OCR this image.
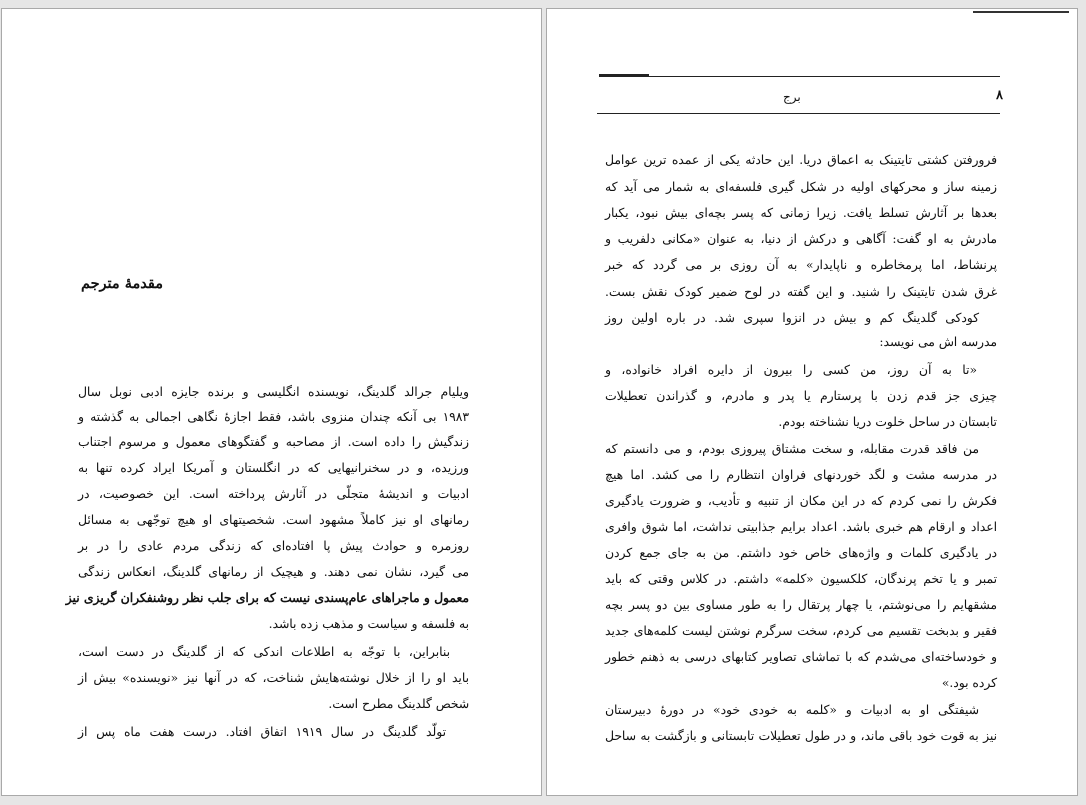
مقدمهٔ مترجم
ویلیام جرالد گلدینگ، نویسنده انگلیسی و برنده جایزه ادبی نوبل سال
۱۹۸۳ بی آنکه چندان منزوی باشد، فقط اجازهٔ نگاهی اجمالی به گذشته و
زندگیش را داده است. از مصاحبه و گفتگوهای معمول و مرسوم اجتناب
ورزیده، و در سخنرانیهایی که در انگلستان و آمریکا ایراد کرده تنها به
ادبیات و اندیشهٔ متجلّی در آثارش پرداخته است. این خصوصیت، در
رمانهای او نیز کاملاً مشهود است. شخصیتهای او هیچ توجّهی به مسائل
روزمره و حوادث پیش پا افتاده‌ای که زندگی مردم عادی را در بر
می گیرد، نشان نمی دهند. و هیچیک از رمانهای گلدینگ، انعکاس زندگی
معمول و ماجراهای عام‌پسندی نیست که برای جلب نظر روشنفکران گریزی نیز
به فلسفه و سیاست و مذهب زده باشد.
بنابراین، با توجّه به اطلاعات اندکی که از گلدینگ در دست است،
باید او را از خلال نوشته‌هایش شناخت، که در آنها نیز «نویسنده» بیش از
شخص گلدینگ مطرح است.
تولّد گلدینگ در سال ۱۹۱۹ اتفاق افتاد. درست هفت ماه پس از
۸
برج
فرورفتن کشتی تایتینک به اعماق دریا. این حادثه یکی از عمده ترین عوامل
زمینه ساز و محرکهای اولیه در شکل گیری فلسفه‌ای به شمار می آید که
بعدها بر آثارش تسلط یافت. زیرا زمانی که پسر بچه‌ای بیش نبود، یکبار
مادرش به او گفت: آگاهی و درکش از دنیا، به عنوان «مکانی دلفریب و
پرنشاط، اما پرمخاطره و ناپایدار» به آن روزی بر می گردد که خبر
غرق شدن تایتینک را شنید. و این گفته در لوح ضمیر کودک نقش بست.
کودکی گلدینگ کم و بیش در انزوا سپری شد. در باره اولین روز
مدرسه اش می نویسد:
«تا به آن روز، من کسی را بیرون از دایره افراد خانواده، و
چیزی جز قدم زدن با پرستارم یا پدر و مادرم، و گذراندن تعطیلات
تابستان در ساحل خلوت دریا نشناخته بودم.
من فاقد قدرت مقابله، و سخت مشتاق پیروزی بودم، و می دانستم که
در مدرسه مشت و لگد خوردنهای فراوان انتظارم را می کشد. اما هیچ
فکرش را نمی کردم که در این مکان از تنبیه و تأدیب، و ضرورت یادگیری
اعداد و ارقام هم خبری باشد. اعداد برایم جذابیتی نداشت، اما شوق وافری
در یادگیری کلمات و واژه‌های خاص خود داشتم. من به جای جمع کردن
تمبر و یا تخم پرندگان، کلکسیون «کلمه» داشتم. در کلاس وقتی که باید
مشقهایم را می‌نوشتم، یا چهار پرتقال را به طور مساوی بین دو پسر بچه
فقیر و بدبخت تقسیم می کردم، سخت سرگرم نوشتن لیست کلمه‌های جدید
و خودساخته‌ای می‌شدم که با تماشای تصاویر کتابهای درسی به ذهنم خطور
کرده بود.»
شیفتگی او به ادبیات و «کلمه به خودی خود» در دورهٔ دبیرستان
نیز به قوت خود باقی ماند، و در طول تعطیلات تابستانی و بازگشت به ساحل
